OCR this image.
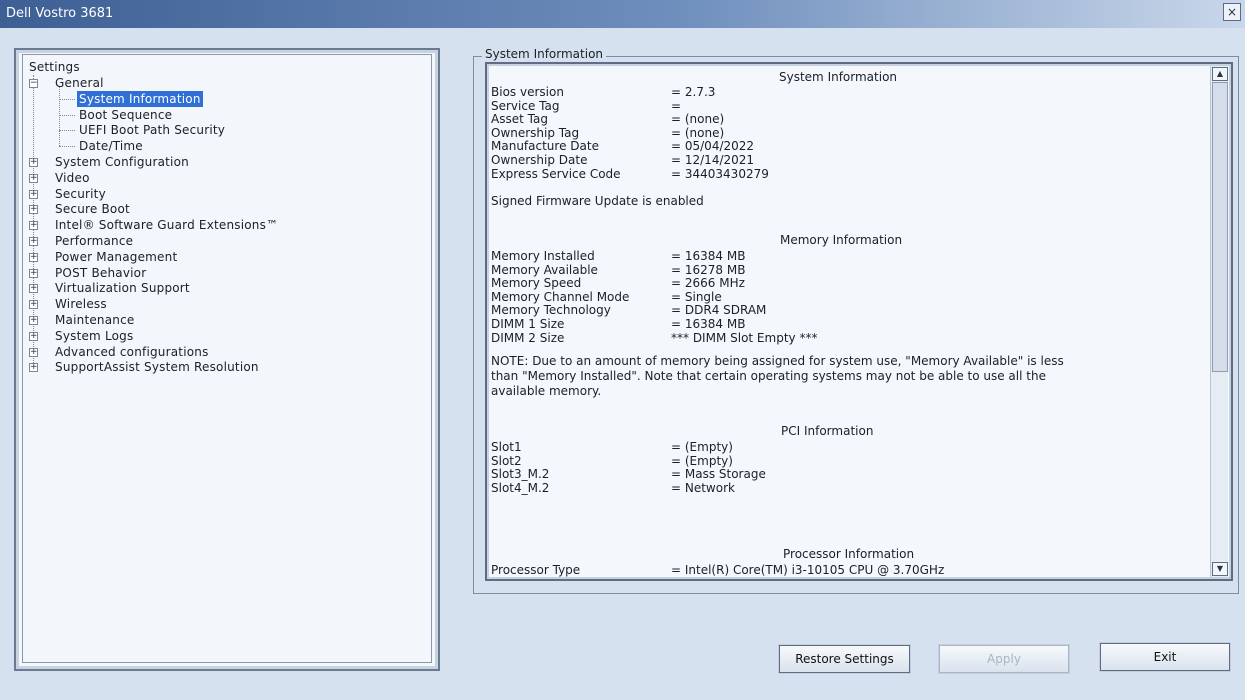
Dell Vostro 3681	×
Settings
− General
System Information
Boot Sequence
UEFI Boot Path Security
Date/Time
+ System Configuration
+ Video
+ Security
+ Secure Boot
+ Intel® Software Guard Extensions™
+ Performance
+ Power Management
+ POST Behavior
+ Virtualization Support
+ Wireless
+ Maintenance
+ System Logs
+ Advanced configurations
+ SupportAssist System Resolution
System Information
System Information
Bios version	= 2.7.3
Service Tag	=
Asset Tag	= (none)
Ownership Tag	= (none)
Manufacture Date	= 05/04/2022
Ownership Date	= 12/14/2021
Express Service Code	= 34403430279
Signed Firmware Update is enabled
Memory Information
Memory Installed	= 16384 MB
Memory Available	= 16278 MB
Memory Speed	= 2666 MHz
Memory Channel Mode	= Single
Memory Technology	= DDR4 SDRAM
DIMM 1 Size	= 16384 MB
DIMM 2 Size	*** DIMM Slot Empty ***
NOTE: Due to an amount of memory being assigned for system use, "Memory Available" is less
than "Memory Installed". Note that certain operating systems may not be able to use all the
available memory.
PCI Information
Slot1	= (Empty)
Slot2	= (Empty)
Slot3_M.2	= Mass Storage
Slot4_M.2	= Network
Processor Information
Processor Type	= Intel(R) Core(TM) i3-10105 CPU @ 3.70GHz
▲
▼
Restore Settings	Apply	Exit
